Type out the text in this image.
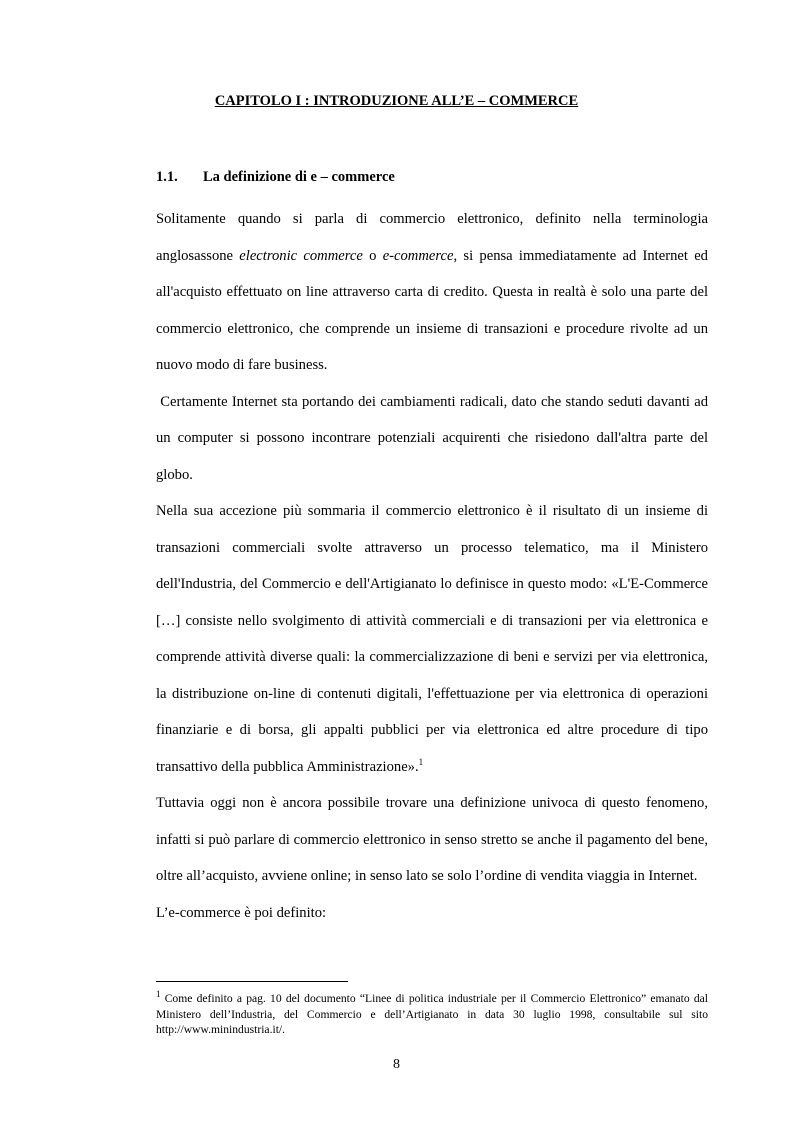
CAPITOLO I : INTRODUZIONE ALL’E – COMMERCE
1.1. La definizione di e – commerce

Solitamente quando si parla di commercio elettronico, definito nella terminologia anglosassone electronic commerce o e-commerce, si pensa immediatamente ad Internet ed all'acquisto effettuato on line attraverso carta di credito. Questa in realtà è solo una parte del commercio elettronico, che comprende un insieme di transazioni e procedure rivolte ad un nuovo modo di fare business.

Certamente Internet sta portando dei cambiamenti radicali, dato che stando seduti davanti ad un computer si possono incontrare potenziali acquirenti che risiedono dall'altra parte del globo.

Nella sua accezione più sommaria il commercio elettronico è il risultato di un insieme di transazioni commerciali svolte attraverso un processo telematico, ma il Ministero dell'Industria, del Commercio e dell'Artigianato lo definisce in questo modo: «L'E-Commerce […] consiste nello svolgimento di attività commerciali e di transazioni per via elettronica e comprende attività diverse quali: la commercializzazione di beni e servizi per via elettronica, la distribuzione on-line di contenuti digitali, l'effettuazione per via elettronica di operazioni finanziarie e di borsa, gli appalti pubblici per via elettronica ed altre procedure di tipo transattivo della pubblica Amministrazione».$^1$

Tuttavia oggi non è ancora possibile trovare una definizione univoca di questo fenomeno, infatti si può parlare di commercio elettronico in senso stretto se anche il pagamento del bene, oltre all’acquisto, avviene online; in senso lato se solo l’ordine di vendita viaggia in Internet.

L’e-commerce è poi definito:

$^1$ Come definito a pag. 10 del documento “Linee di politica industriale per il Commercio Elettronico” emanato dal Ministero dell’Industria, del Commercio e dell’Artigianato in data 30 luglio 1998, consultabile sul sito http://www.minindustria.it/.

8
